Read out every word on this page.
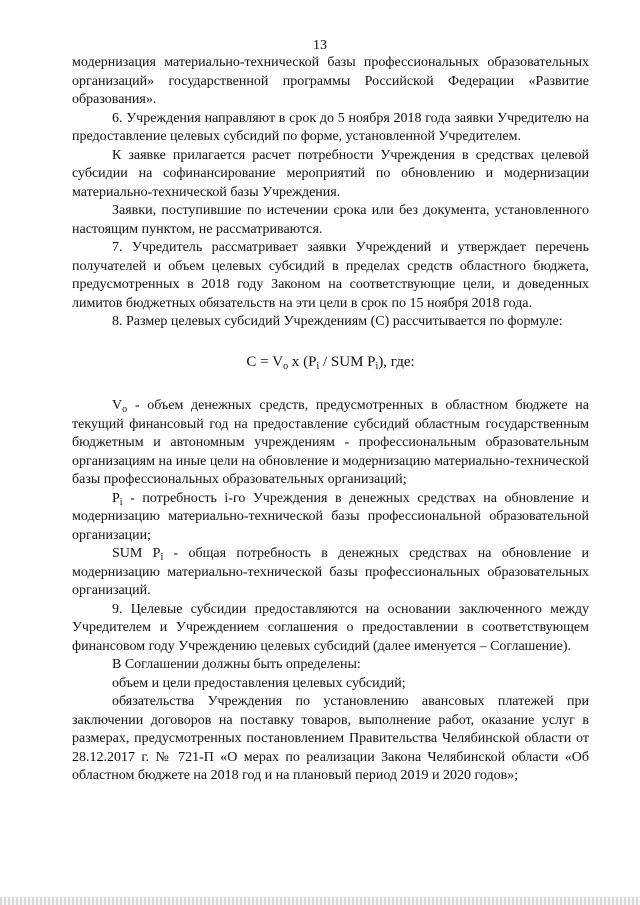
13

модернизация материально-технической базы профессиональных образовательных организаций» государственной программы Российской Федерации «Развитие образования».

6. Учреждения направляют в срок до 5 ноября 2018 года заявки Учредителю на предоставление целевых субсидий по форме, установленной Учредителем.

К заявке прилагается расчет потребности Учреждения в средствах целевой субсидии на софинансирование мероприятий по обновлению и модернизации материально-технической базы Учреждения.

Заявки, поступившие по истечении срока или без документа, установленного настоящим пунктом, не рассматриваются.

7. Учредитель рассматривает заявки Учреждений и утверждает перечень получателей и объем целевых субсидий в пределах средств областного бюджета, предусмотренных в 2018 году Законом на соответствующие цели, и доведенных лимитов бюджетных обязательств на эти цели в срок по 15 ноября 2018 года.

8. Размер целевых субсидий Учреждениям (С) рассчитывается по формуле:

$С = V_o$ x ($P_i$ / SUM $P_i$), где:

$V_o$ - объем денежных средств, предусмотренных в областном бюджете на текущий финансовый год на предоставление субсидий областным государственным бюджетным и автономным учреждениям - профессиональным образовательным организациям на иные цели на обновление и модернизацию материально-технической базы профессиональных образовательных организаций;

$P_i$ - потребность i-го Учреждения в денежных средствах на обновление и модернизацию материально-технической базы профессиональной образовательной организации;

SUM $P_i$ - общая потребность в денежных средствах на обновление и модернизацию материально-технической базы профессиональных образовательных организаций.

9. Целевые субсидии предоставляются на основании заключенного между Учредителем и Учреждением соглашения о предоставлении в соответствующем финансовом году Учреждению целевых субсидий (далее именуется – Соглашение).

В Соглашении должны быть определены:

объем и цели предоставления целевых субсидий;

обязательства Учреждения по установлению авансовых платежей при заключении договоров на поставку товаров, выполнение работ, оказание услуг в размерах, предусмотренных постановлением Правительства Челябинской области от 28.12.2017 г. № 721-П «О мерах по реализации Закона Челябинской области «Об областном бюджете на 2018 год и на плановый период 2019 и 2020 годов»;
